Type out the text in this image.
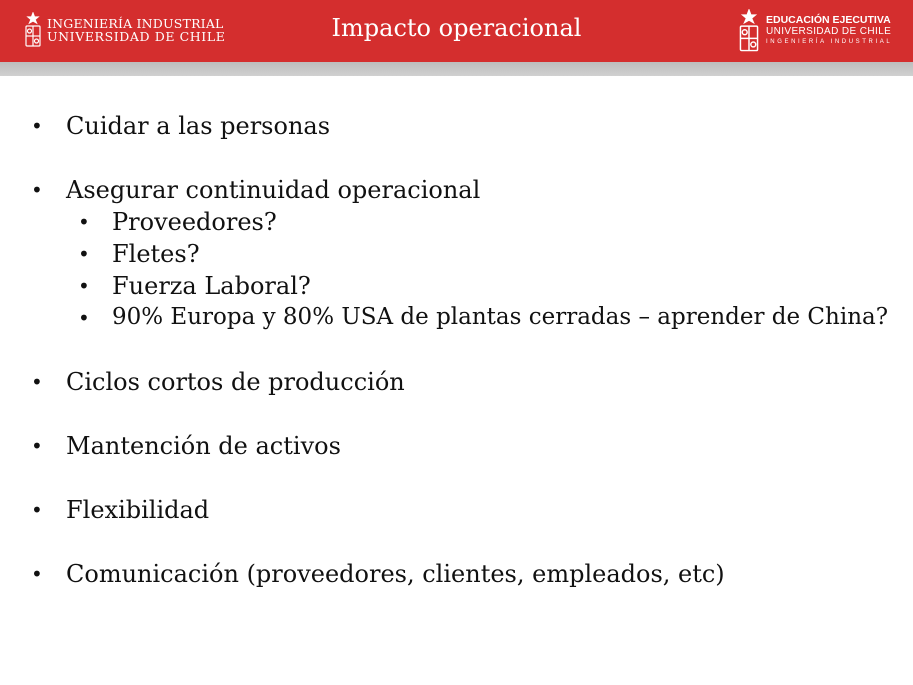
INGENIERÍA INDUSTRIAL
UNIVERSIDAD DE CHILE	Impacto operacional	EDUCACIÓN EJECUTIVA
UNIVERSIDAD DE CHILE
INGENIERÍA INDUSTRIAL
• Cuidar a las personas
• Asegurar continuidad operacional
• Proveedores?
• Fletes?
• Fuerza Laboral?
• 90% Europa y 80% USA de plantas cerradas – aprender de China?
• Ciclos cortos de producción
• Mantención de activos
• Flexibilidad
• Comunicación (proveedores, clientes, empleados, etc)
